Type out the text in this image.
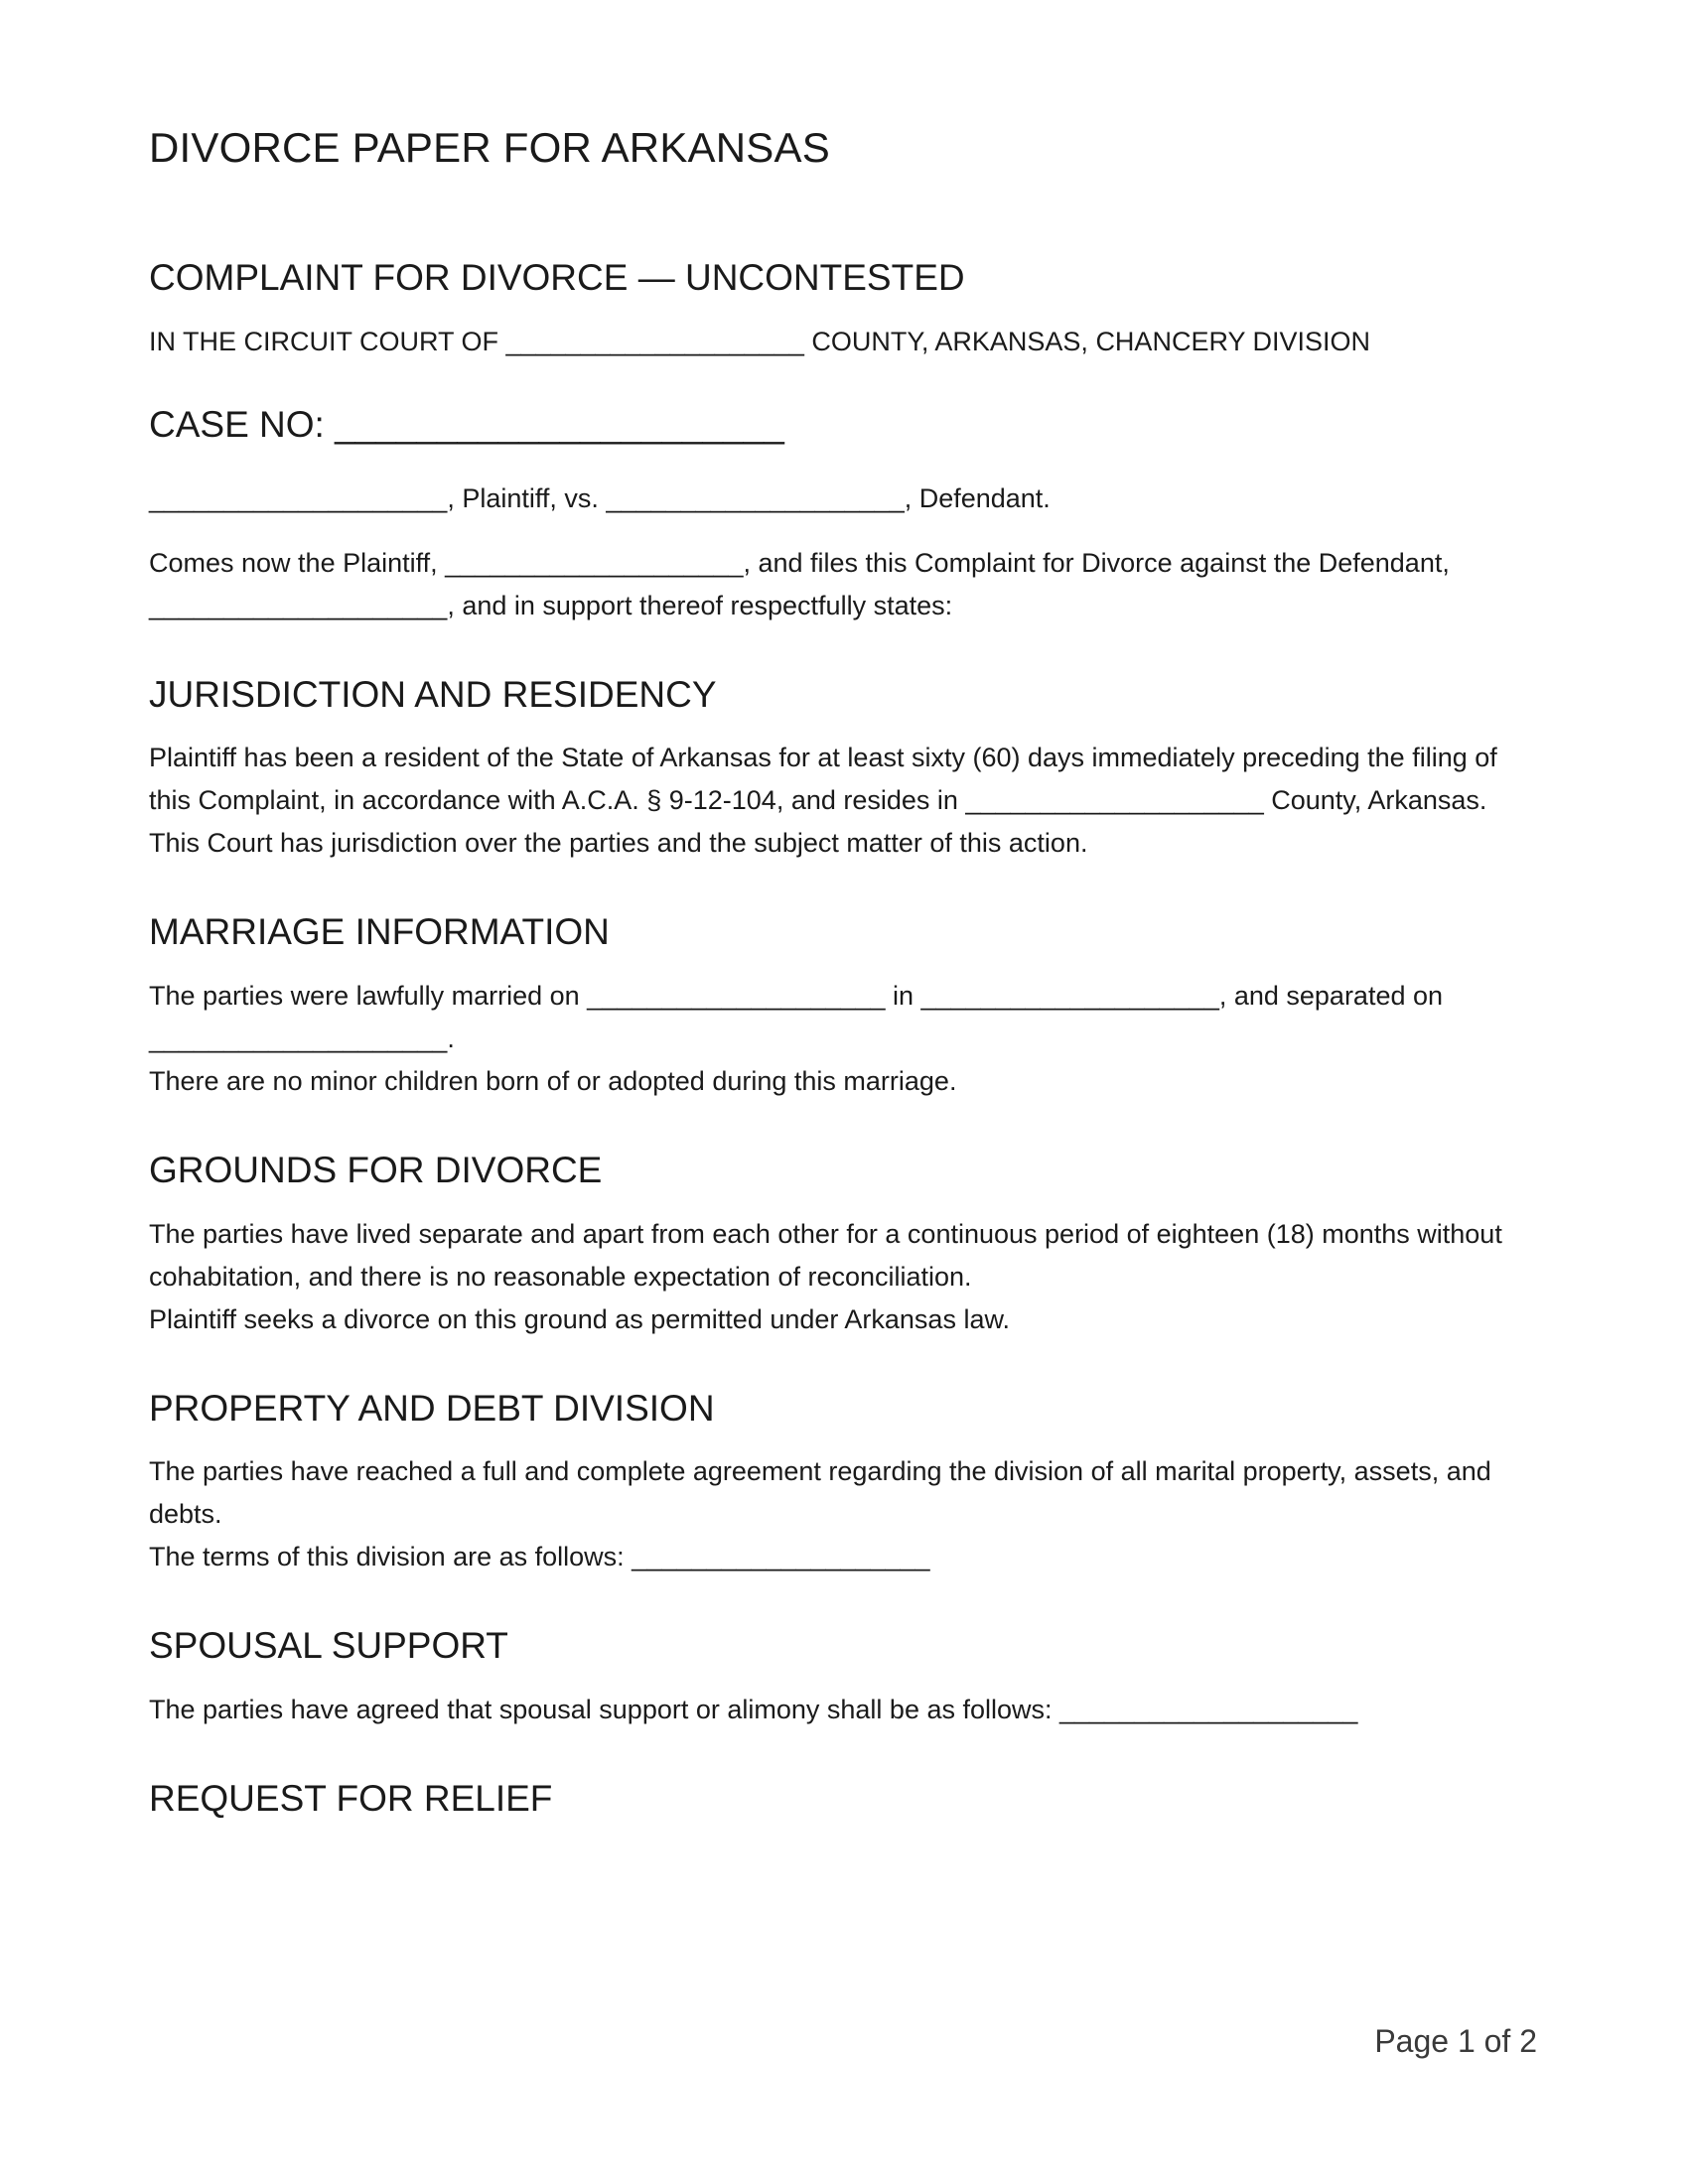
DIVORCE PAPER FOR ARKANSAS
COMPLAINT FOR DIVORCE — UNCONTESTED

IN THE CIRCUIT COURT OF ____________________ COUNTY, ARKANSAS, CHANCERY DIVISION

CASE NO: ______________________

____________________, Plaintiff, vs. ____________________, Defendant.

Comes now the Plaintiff, ____________________, and files this Complaint for Divorce against the Defendant, ____________________, and in support thereof respectfully states:

JURISDICTION AND RESIDENCY

Plaintiff has been a resident of the State of Arkansas for at least sixty (60) days immediately preceding the filing of this Complaint, in accordance with A.C.A. § 9-12-104, and resides in ____________________ County, Arkansas.

This Court has jurisdiction over the parties and the subject matter of this action.

MARRIAGE INFORMATION

The parties were lawfully married on ____________________ in ____________________, and separated on ____________________.

There are no minor children born of or adopted during this marriage.

GROUNDS FOR DIVORCE

The parties have lived separate and apart from each other for a continuous period of eighteen (18) months without cohabitation, and there is no reasonable expectation of reconciliation.

Plaintiff seeks a divorce on this ground as permitted under Arkansas law.

PROPERTY AND DEBT DIVISION

The parties have reached a full and complete agreement regarding the division of all marital property, assets, and debts.

The terms of this division are as follows: ____________________

SPOUSAL SUPPORT

The parties have agreed that spousal support or alimony shall be as follows: ____________________

REQUEST FOR RELIEF
Page 1 of 2
